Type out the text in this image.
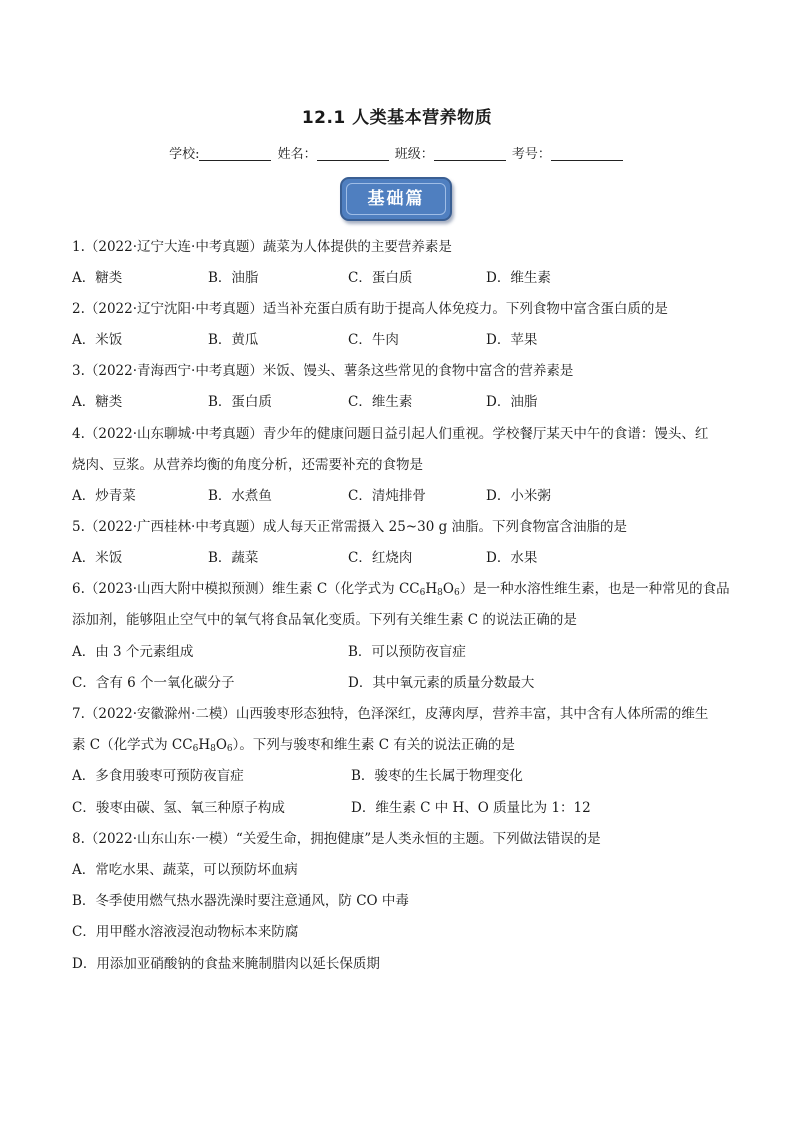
12.1 人类基本营养物质
学校:	姓名：	班级：	考号：
基础篇
1.（2022·辽宁大连·中考真题）蔬菜为人体提供的主要营养素是
A．糖类	B．油脂	C．蛋白质	D．维生素
2.（2022·辽宁沈阳·中考真题）适当补充蛋白质有助于提高人体免疫力。下列食物中富含蛋白质的是
A．米饭	B．黄瓜	C．牛肉	D．苹果
3.（2022·青海西宁·中考真题）米饭、馒头、薯条这些常见的食物中富含的营养素是
A．糖类	B．蛋白质	C．维生素	D．油脂
4.（2022·山东聊城·中考真题）青少年的健康问题日益引起人们重视。学校餐厅某天中午的食谱：馒头、红
烧肉、豆浆。从营养均衡的角度分析，还需要补充的食物是
A．炒青菜	B．水煮鱼	C．清炖排骨	D．小米粥
5.（2022·广西桂林·中考真题）成人每天正常需摄入 25~30 g 油脂。下列食物富含油脂的是
A．米饭	B．蔬菜	C．红烧肉	D．水果
6.（2023·山西大附中模拟预测）维生素 C（化学式为 $CC_6H_8O_6$）是一种水溶性维生素，也是一种常见的食品
添加剂，能够阻止空气中的氧气将食品氧化变质。下列有关维生素 C 的说法正确的是
A．由 3 个元素组成	B．可以预防夜盲症
C．含有 6 个一氧化碳分子	D．其中氧元素的质量分数最大
7.（2022·安徽滁州·二模）山西骏枣形态独特，色泽深红，皮薄肉厚，营养丰富，其中含有人体所需的维生
素 C（化学式为 $CC_6H_8O_6$）。下列与骏枣和维生素 C 有关的说法正确的是
A．多食用骏枣可预防夜盲症	B．骏枣的生长属于物理变化
C．骏枣由碳、氢、氧三种原子构成	D．维生素 C 中 H、O 质量比为 1：12
8.（2022·山东山东·一模）“关爱生命，拥抱健康”是人类永恒的主题。下列做法错误的是
A．常吃水果、蔬菜，可以预防坏血病
B．冬季使用燃气热水器洗澡时要注意通风，防 CO 中毒
C．用甲醛水溶液浸泡动物标本来防腐
D．用添加亚硝酸钠的食盐来腌制腊肉以延长保质期
